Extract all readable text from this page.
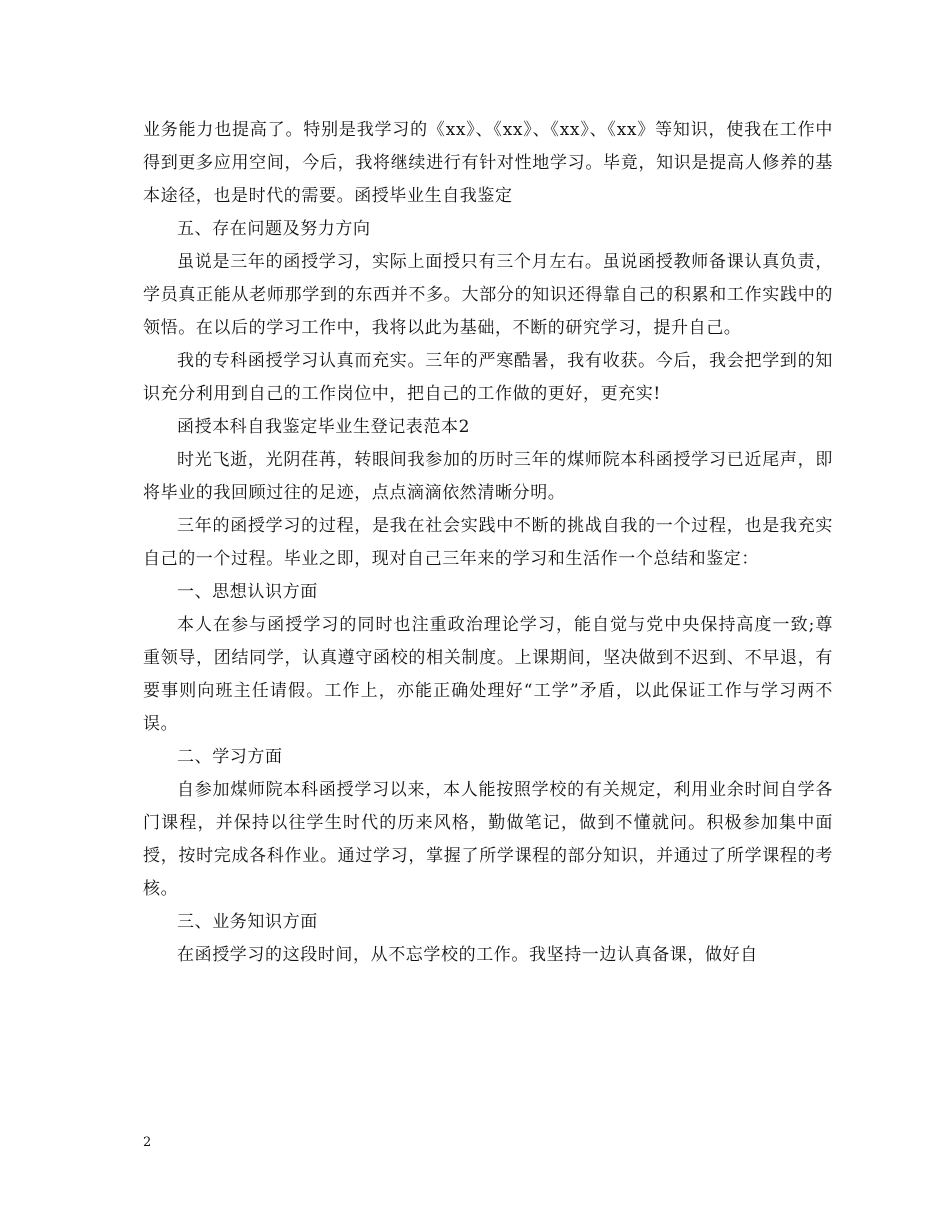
业务能力也提高了。特别是我学习的《xx》、《xx》、《xx》、《xx》等知识，使我在工作中得到更多应用空间，今后，我将继续进行有针对性地学习。毕竟，知识是提高人修养的基本途径，也是时代的需要。函授毕业生自我鉴定

五、存在问题及努力方向

虽说是三年的函授学习，实际上面授只有三个月左右。虽说函授教师备课认真负责，学员真正能从老师那学到的东西并不多。大部分的知识还得靠自己的积累和工作实践中的领悟。在以后的学习工作中，我将以此为基础，不断的研究学习，提升自己。

我的专科函授学习认真而充实。三年的严寒酷暑，我有收获。今后，我会把学到的知识充分利用到自己的工作岗位中，把自己的工作做的更好，更充实!

函授本科自我鉴定毕业生登记表范本2

时光飞逝，光阴荏苒，转眼间我参加的历时三年的煤师院本科函授学习已近尾声，即将毕业的我回顾过往的足迹，点点滴滴依然清晰分明。

三年的函授学习的过程，是我在社会实践中不断的挑战自我的一个过程，也是我充实自己的一个过程。毕业之即，现对自己三年来的学习和生活作一个总结和鉴定：

一、思想认识方面

本人在参与函授学习的同时也注重政治理论学习，能自觉与党中央保持高度一致;尊重领导，团结同学，认真遵守函校的相关制度。上课期间，坚决做到不迟到、不早退，有要事则向班主任请假。工作上，亦能正确处理好“工学”矛盾，以此保证工作与学习两不误。

二、学习方面

自参加煤师院本科函授学习以来，本人能按照学校的有关规定，利用业余时间自学各门课程，并保持以往学生时代的历来风格，勤做笔记，做到不懂就问。积极参加集中面授，按时完成各科作业。通过学习，掌握了所学课程的部分知识，并通过了所学课程的考核。

三、业务知识方面

在函授学习的这段时间，从不忘学校的工作。我坚持一边认真备课，做好自

2
